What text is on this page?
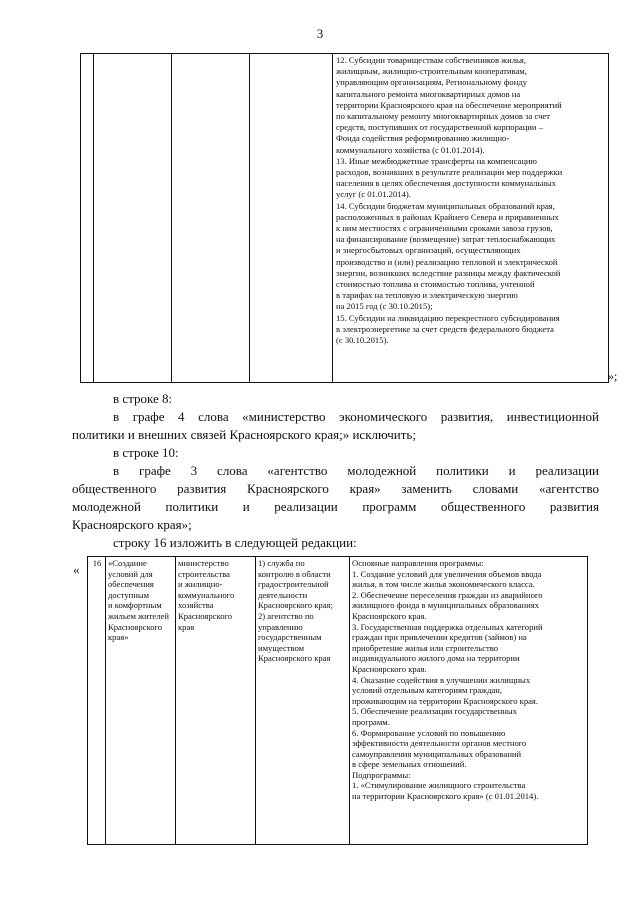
3

12. Субсидии товариществам собственников жилья,
жилищным, жилищно-строительным кооперативам,
управляющим организациям, Региональному фонду
капитального ремонта многоквартирных домов на
территории Красноярского края на обеспечение мероприятий
по капитальному ремонту многоквартирных домов за счет
средств, поступивших от государственной корпорации –
Фонда содействия реформированию жилищно-
коммунального хозяйства (с 01.01.2014).
13. Иные межбюджетные трансферты на компенсацию
расходов, возникших в результате реализации мер поддержки
населения в целях обеспечения доступности коммунальных
услуг (с 01.01.2014).
14. Субсидии бюджетам муниципальных образований края,
расположенных в районах Крайнего Севера и приравненных
к ним местностях с ограниченными сроками завоза грузов,
на финансирование (возмещение) затрат теплоснабжающих
и энергосбытовых организаций, осуществляющих
производство и (или) реализацию тепловой и электрической
энергии, возникших вследствие разницы между фактической
стоимостью топлива и стоимостью топлива, учтенной
в тарифах на тепловую и электрическую энергию
на 2015 год (с 30.10.2015);
15. Субсидии на ликвидацию перекрестного субсидирования
в электроэнергетике за счет средств федерального бюджета
(с 30.10.2015).
»;
в строке 8:
в графе 4 слова «министерство экономического развития, инвестиционной
политики и внешних связей Красноярского края;» исключить;
в строке 10:
в графе 3 слова «агентство молодежной политики и реализации
общественного развития Красноярского края» заменить словами «агентство
молодежной политики и реализации программ общественного развития
Красноярского края»;
строку 16 изложить в следующей редакции:
« 16	«Создание
условий для
обеспечения
доступным
и комфортным
жильем жителей
Красноярского
края»

министерство
строительства
и жилищно-
коммунального
хозяйства
Красноярского
края

1) служба по
контролю в области
градостроительной
деятельности
Красноярского края;
2) агентство по
управлению
государственным
имуществом
Красноярского края

Основные направления программы:
1. Создание условий для увеличения объемов ввода
жилья, в том числе жилья экономического класса.
2. Обеспечение переселения граждан из аварийного
жилищного фонда в муниципальных образованиях
Красноярского края.
3. Государственная поддержка отдельных категорий
граждан при привлечении кредитов (займов) на
приобретение жилья или строительство
индивидуального жилого дома на территории
Красноярского края.
4. Оказание содействия в улучшении жилищных
условий отдельным категориям граждан,
проживающим на территории Красноярского края.
5. Обеспечение реализации государственных
программ.
6. Формирование условий по повышению
эффективности деятельности органов местного
самоуправления муниципальных образований
в сфере земельных отношений.
Подпрограммы:
1. «Стимулирование жилищного строительства
на территории Красноярского края» (с 01.01.2014).
